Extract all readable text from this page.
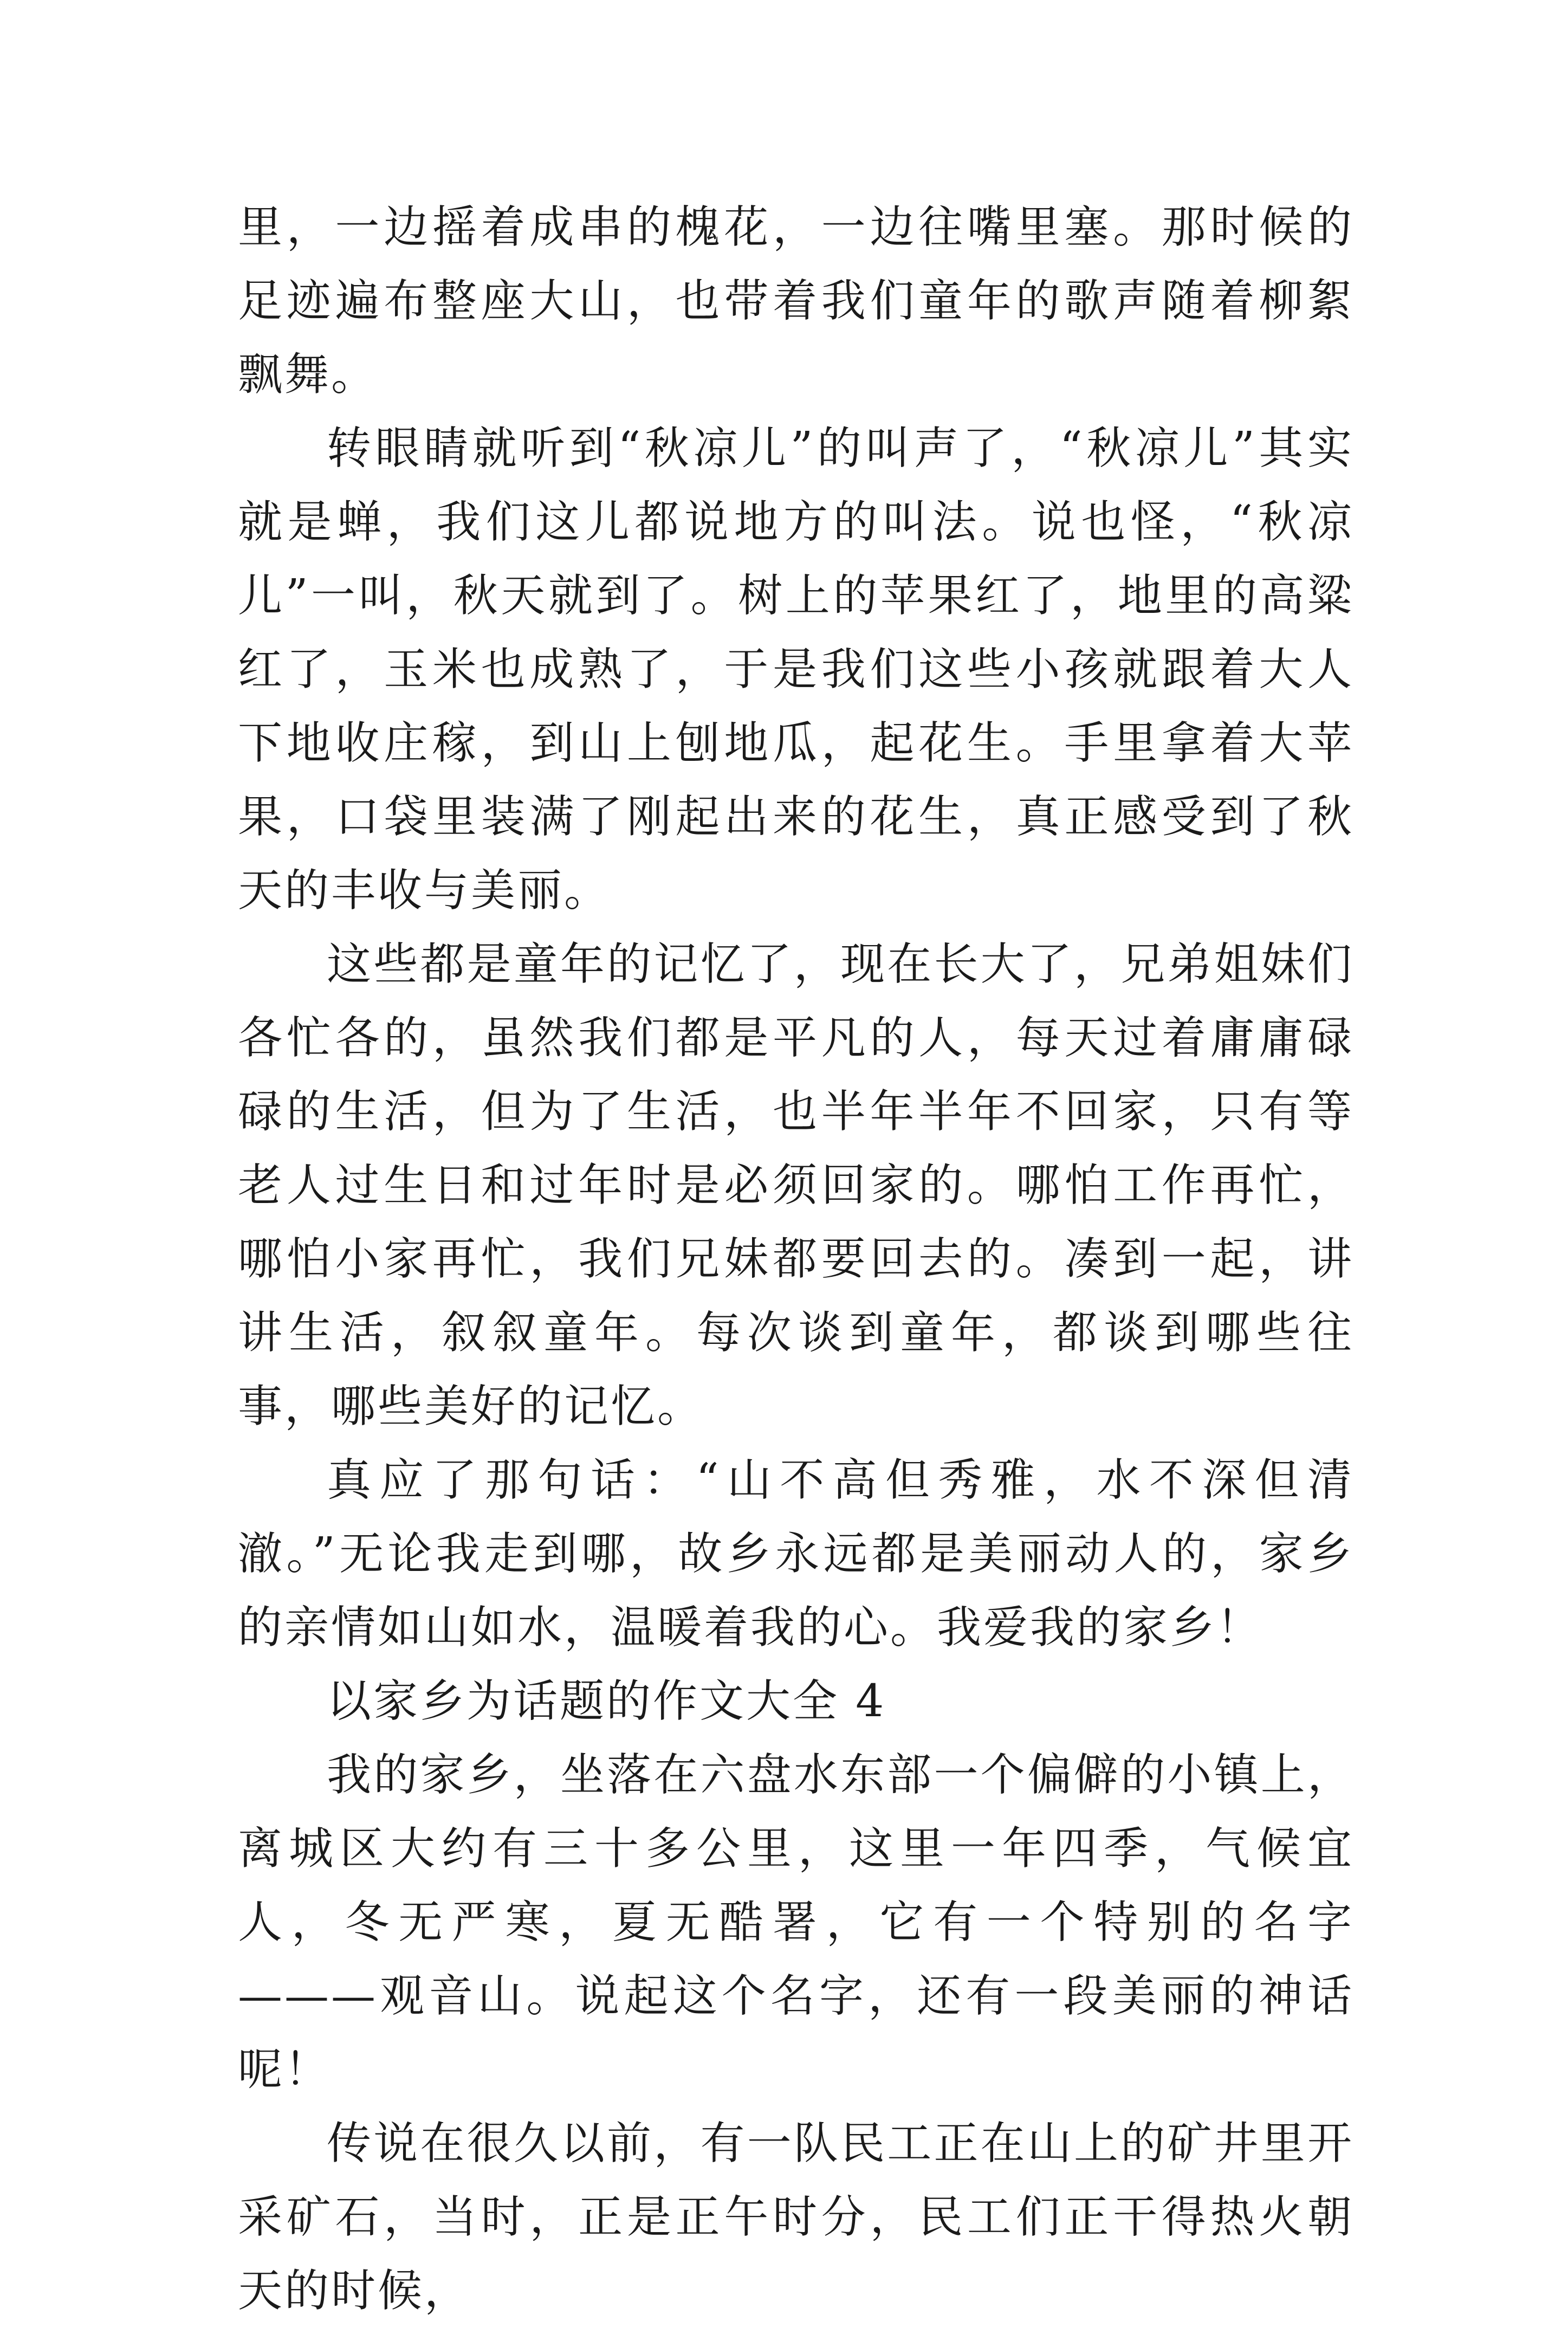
里，一边摇着成串的槐花，一边往嘴里塞。那时候的足迹遍布整座大山，也带着我们童年的歌声随着柳絮飘舞。

转眼睛就听到“秋凉儿”的叫声了，“秋凉儿”其实就是蝉，我们这儿都说地方的叫法。说也怪，“秋凉儿”一叫，秋天就到了。树上的苹果红了，地里的高粱红了，玉米也成熟了，于是我们这些小孩就跟着大人下地收庄稼，到山上刨地瓜，起花生。手里拿着大苹果，口袋里装满了刚起出来的花生，真正感受到了秋天的丰收与美丽。

这些都是童年的记忆了，现在长大了，兄弟姐妹们各忙各的，虽然我们都是平凡的人，每天过着庸庸碌碌的生活，但为了生活，也半年半年不回家，只有等老人过生日和过年时是必须回家的。哪怕工作再忙，哪怕小家再忙，我们兄妹都要回去的。凑到一起，讲讲生活，叙叙童年。每次谈到童年，都谈到哪些往事，哪些美好的记忆。

真应了那句话：“山不高但秀雅，水不深但清澈。”无论我走到哪，故乡永远都是美丽动人的，家乡的亲情如山如水，温暖着我的心。我爱我的家乡！

以家乡为话题的作文大全 4

我的家乡，坐落在六盘水东部一个偏僻的小镇上，离城区大约有三十多公里，这里一年四季，气候宜人，冬无严寒，夏无酷署，它有一个特别的名字———观音山。说起这个名字，还有一段美丽的神话呢！

传说在很久以前，有一队民工正在山上的矿井里开采矿石，当时，正是正午时分，民工们正干得热火朝天的时候，
